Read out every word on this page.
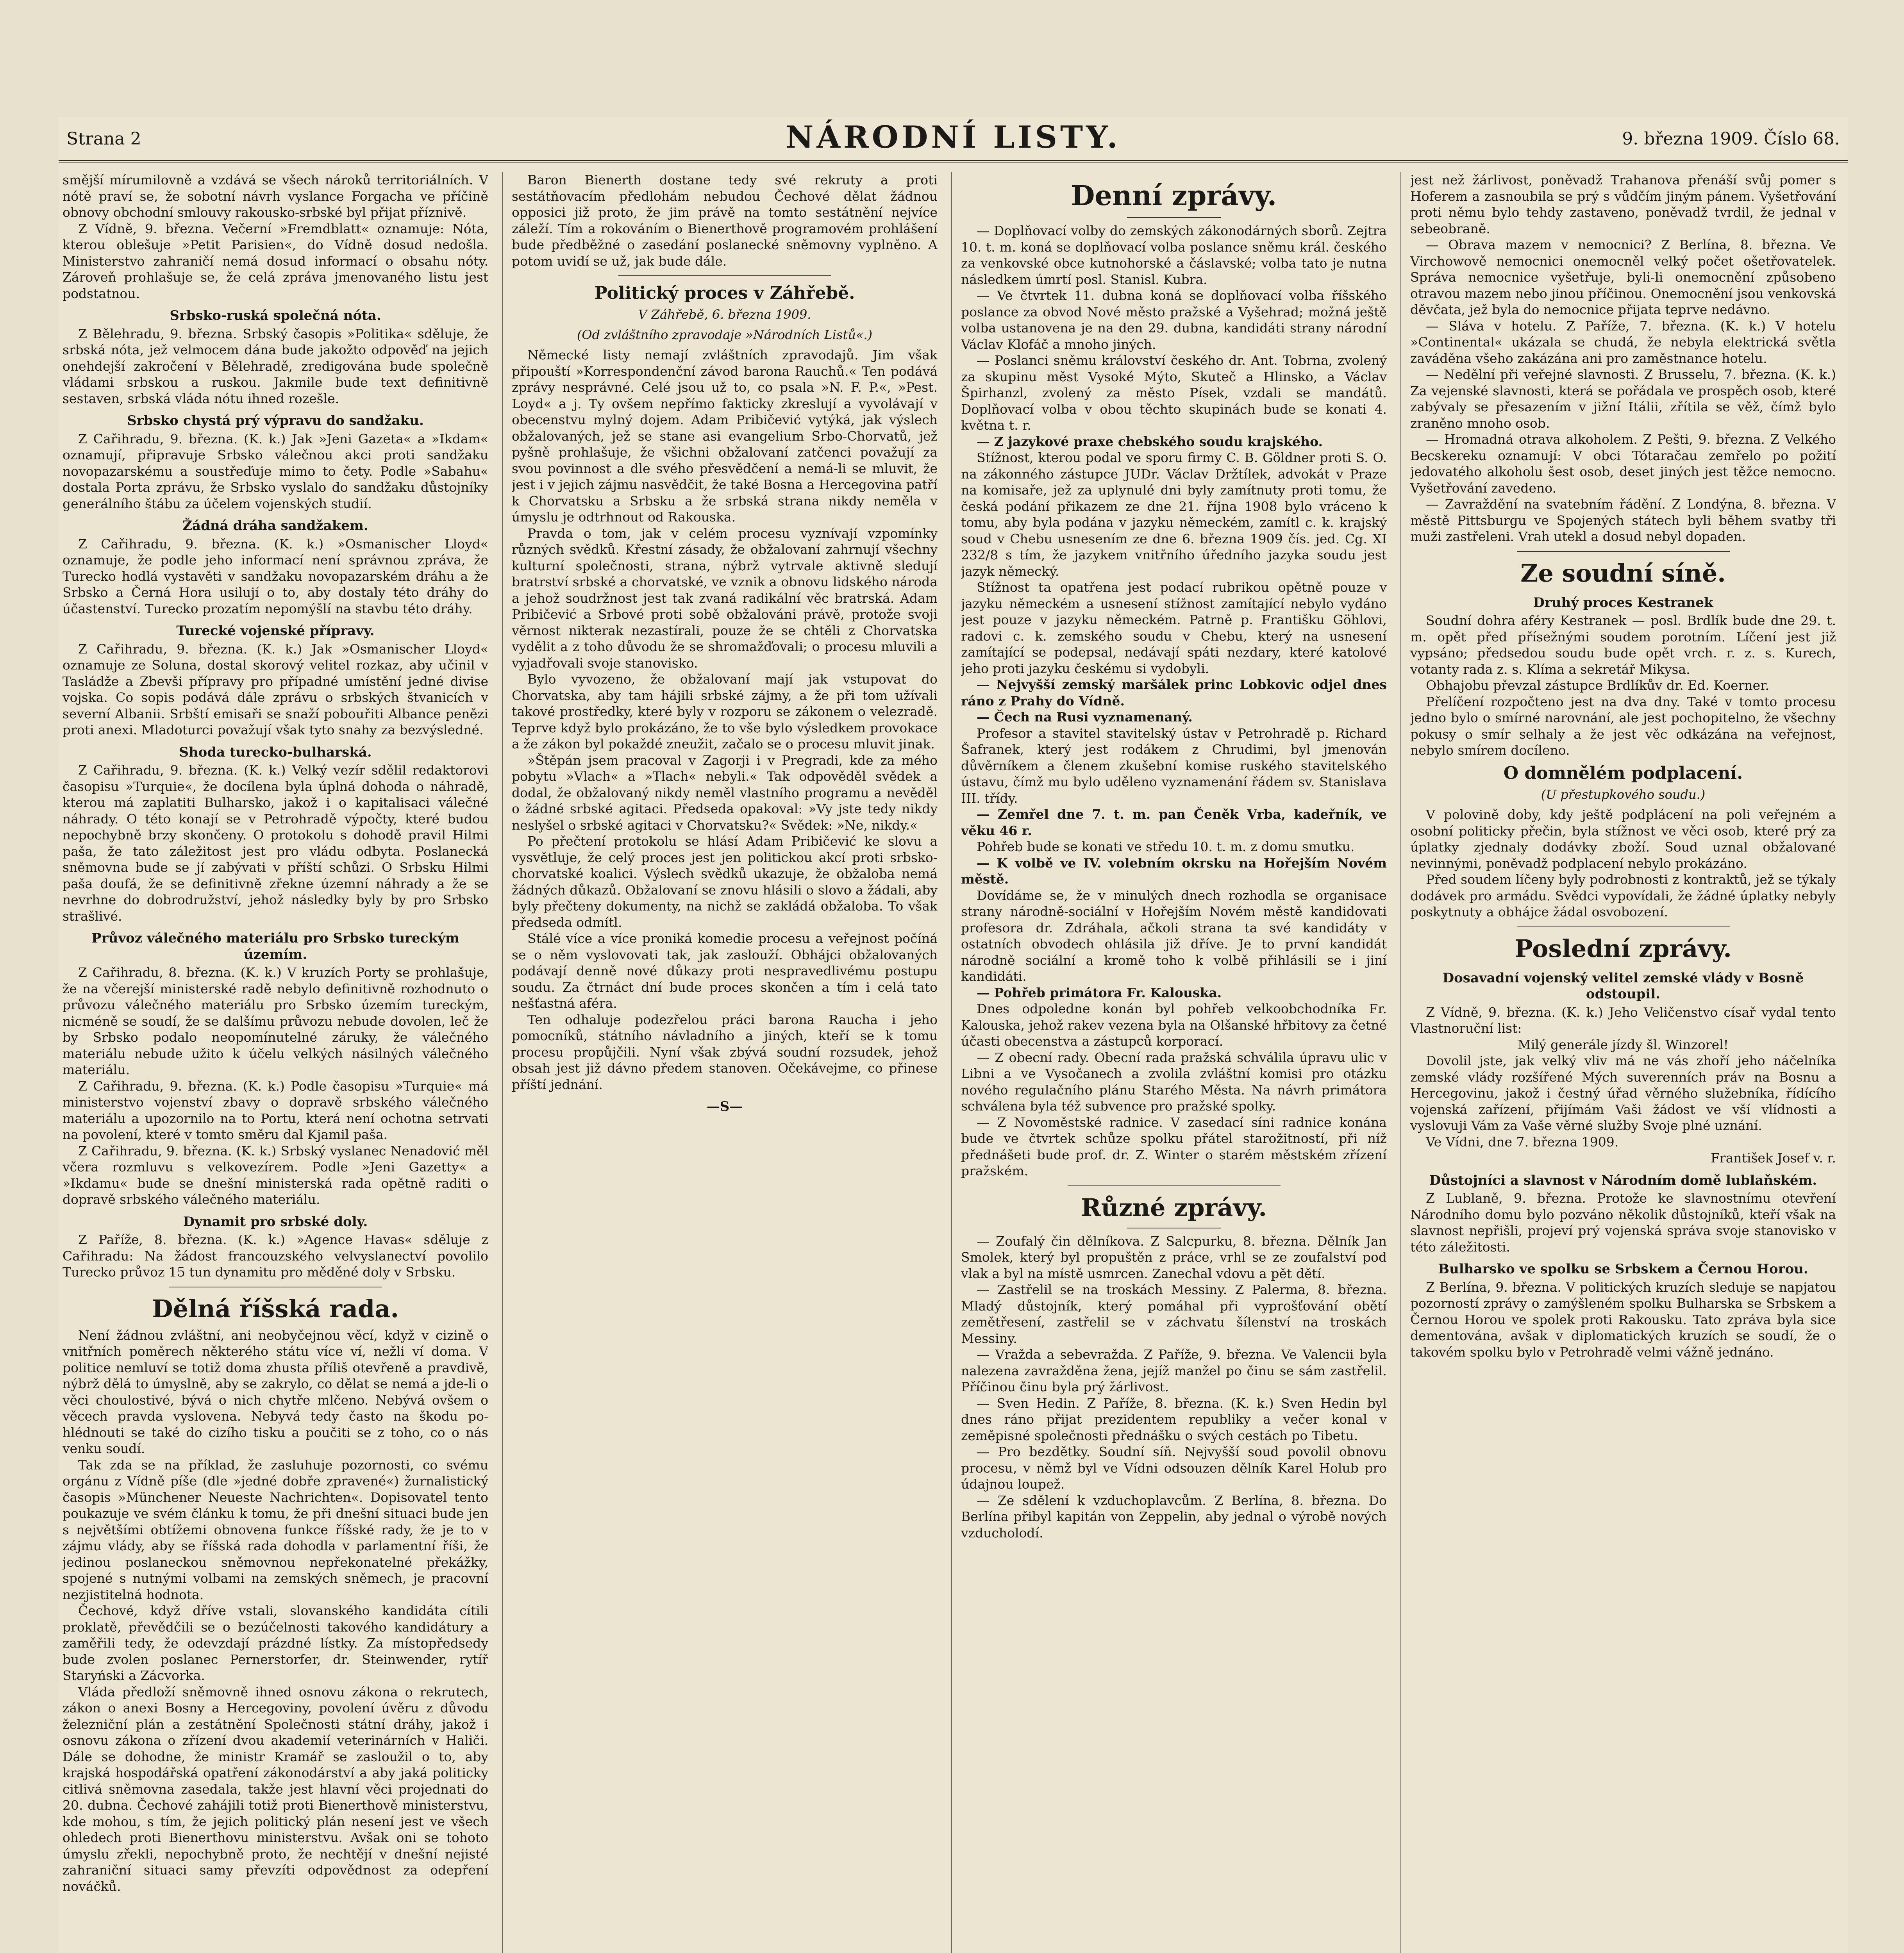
Strana 2	NÁRODNÍ LISTY.	9. března 1909. Číslo 68.

smější mírumilovně a vzdává se všech nároků territoriálních. V nótě praví se, že sobotní návrh vyslance Forgacha ve příčině obnovy obchodní smlouvy rakousko-srbské byl přijat příznivě.

Z Vídně, 9. března. Večerní »Fremdblatt« oznamuje: Nóta, kterou oblešuje »Petit Parisien«, do Vídně dosud nedošla. Ministerstvo zahraničí nemá dosud informací o obsahu nóty. Zároveň prohlašuje se, že celá zpráva jmenovaného listu jest podstatnou.

Srbsko-ruská společná nóta.

Z Bělehradu, 9. března. Srbský časopis »Politika« sděluje, že srbská nóta, jež velmocem dána bude jakožto odpověď na jejich onehdejší zakročení v Bělehradě, zredigována bude společně vládami srbskou a ruskou. Jakmile bude text definitivně sestaven, srbská vláda nótu ihned rozešle.

Srbsko chystá prý výpravu do sandžaku.

Z Cařihradu, 9. března. (K. k.) Jak »Jeni Gazeta« a »Ikdam« oznamují, připravuje Srbsko válečnou akci proti sandžaku novopazarskému a soustřeďuje mimo to čety. Podle »Sabahu« dostala Porta zprávu, že Srbsko vyslalo do sandžaku důstojníky generálního štábu za účelem vojenských studií.

Žádná dráha sandžakem.

Z Cařihradu, 9. března. (K. k.) »Osmanischer Lloyd« oznamuje, že podle jeho informací není správnou zpráva, že Turecko hodlá vystavěti v sandžaku novopazarském dráhu a že Srbsko a Černá Hora usilují o to, aby dostaly této dráhy do účastenství. Turecko prozatím nepomýšlí na stavbu této dráhy.

Turecké vojenské přípravy.

Z Cařihradu, 9. března. (K. k.) Jak »Osmanischer Lloyd« oznamuje ze Soluna, dostal skorový velitel rozkaz, aby učinil v Tasládže a Zbevši přípravy pro případné umístění jedné divise vojska. Co sopis podává dále zprávu o srbských štvanicích v severní Albanii. Srbští emisaři se snaží pobouřiti Albance penězi proti anexi. Mladoturci považují však tyto snahy za bezvýsledné.

Shoda turecko-bulharská.

Z Cařihradu, 9. března. (K. k.) Velký vezír sdělil redaktorovi časopisu »Turquie«, že docílena byla úplná dohoda o náhradě, kterou má zaplatiti Bulharsko, jakož i o kapitalisaci válečné náhrady. O této konají se v Petrohradě výpočty, které budou nepochybně brzy skončeny. O protokolu s dohodě pravil Hilmi paša, že tato záležitost jest pro vládu odbyta. Poslanecká sněmovna bude se jí zabývati v příští schůzi. O Srbsku Hilmi paša doufá, že se definitivně zřekne územní náhrady a že se nevrhne do dobrodružství, jehož následky byly by pro Srbsko strašlivé.

Průvoz válečného materiálu pro Srbsko tureckým územím.

Z Cařihradu, 8. března. (K. k.) V kruzích Porty se prohlašuje, že na včerejší ministerské radě nebylo definitivně rozhodnuto o průvozu válečného materiálu pro Srbsko územím tureckým, nicméně se soudí, že se dalšímu průvozu nebude dovolen, leč že by Srbsko podalo neopomínutelné záruky, že válečného materiálu nebude užito k účelu velkých násilných válečného materiálu.

Z Cařihradu, 9. března. (K. k.) Podle časopisu »Turquie« má ministerstvo vojenství zbavy o dopravě srbského válečného materiálu a upozornilo na to Portu, která není ochotna setrvati na povolení, které v tomto směru dal Kjamil paša.

Z Cařihradu, 9. března. (K. k.) Srbský vyslanec Nenadović měl včera rozmluvu s velkovezírem. Podle »Jeni Gazetty« a »Ikdamu« bude se dnešní ministerská rada opětně raditi o dopravě srbského válečného materiálu.

Dynamit pro srbské doly.

Z Paříže, 8. března. (K. k.) »Agence Havas« sděluje z Cařihradu: Na žádost francouzského velvyslanectví povolilo Turecko průvoz 15 tun dynamitu pro měděné doly v Srbsku.

Dělná říšská rada.

Není žádnou zvláštní, ani neobyčejnou věcí, když v cizině o vnitřních poměrech některého státu více ví, nežli ví doma. V politice nemluví se totiž doma zhusta příliš otevřeně a pravdivě, nýbrž dělá to úmyslně, aby se zakrylo, co dělat se nemá a jde-li o věci choulostivé, bývá o nich chytře mlčeno. Nebývá ovšem o věcech pravda vyslovena. Nebyvá tedy často na škodu po-hlédnouti se také do cizího tisku a poučiti se z toho, co o nás venku soudí.

Tak zda se na příklad, že zasluhuje pozornosti, co svému orgánu z Vídně píše (dle »jedné dobře zpravené«) žurnalistický časopis »Münchener Neueste Nachrichten«. Dopisovatel tento poukazuje ve svém článku k tomu, že při dnešní situaci bude jen s největšími obtížemi obnovena funkce říšské rady, že je to v zájmu vlády, aby se říšská rada dohodla v parlamentní říši, že jedinou poslaneckou sněmovnou nepřekonatelné překážky, spojené s nutnými volbami na zemských sněmech, je pracovní nezjistitelná hodnota.

Čechové, když dříve vstali, slovanského kandidáta cítili proklatě, převědčili se o bezúčelnosti takového kandidátury a zaměřili tedy, že odevzdají prázdné lístky. Za místopředsedy bude zvolen poslanec Pernerstorfer, dr. Steinwender, rytíř Staryński a Zácvorka.

Vláda předloží sněmovně ihned osnovu zákona o rekrutech, zákon o anexi Bosny a Hercegoviny, povolení úvěru z důvodu železniční plán a zestátnění Společnosti státní dráhy, jakož i osnovu zákona o zřízení dvou akademií veterinárních v Haliči. Dále se dohodne, že ministr Kramář se zasloužil o to, aby krajská hospodářská opatření zákonodárství a aby jaká politicky citlivá sněmovna zasedala, takže jest hlavní věci projednati do 20. dubna. Čechové zahájili totiž proti Bienerthově ministerstvu, kde mohou, s tím, že jejich politický plán nesení jest ve všech ohledech proti Bienerthovu ministerstvu. Avšak oni se tohoto úmyslu zřekli, nepochybně proto, že nechtějí v dnešní nejisté zahraniční situaci samy převzíti odpovědnost za odepření nováčků.

Baron Bienerth dostane tedy své rekruty a proti sestátňovacím předlohám nebudou Čechové dělat žádnou opposici již proto, že jim právě na tomto sestátnění nejvíce záleží. Tím a rokováním o Bienerthově programovém prohlášení bude předběžné o zasedání poslanecké sněmovny vyplněno. A potom uvidí se už, jak bude dále.

Politický proces v Záhřebě.
V Záhřebě, 6. března 1909.
(Od zvláštního zpravodaje »Národních Listů«.)

Německé listy nemají zvláštních zpravodajů. Jim však připouští »Korrespondenční závod barona Rauchů.« Ten podává zprávy nesprávné. Celé jsou už to, co psala »N. F. P.«, »Pest. Loyd« a j. Ty ovšem nepřímo fakticky zkreslují a vyvolávají v obecenstvu mylný dojem. Adam Pribičević vytýká, jak výslech obžalovaných, jež se stane asi evangelium Srbo-Chorvatů, jež pyšně prohlašuje, že všichni obžalovaní zatčenci považují za svou povinnost a dle svého přesvědčení a nemá-li se mluvit, že jest i v jejich zájmu nasvědčit, že také Bosna a Hercegovina patří k Chorvatsku a Srbsku a že srbská strana nikdy neměla v úmyslu je odtrhnout od Rakouska.

Pravda o tom, jak v celém procesu vyznívají vzpomínky různých svědků. Křestní zásady, že obžalovaní zahrnují všechny kulturní společnosti, strana, nýbrž vytrvale aktivně sledují bratrství srbské a chorvatské, ve vznik a obnovu lidského národa a jehož soudržnost jest tak zvaná radikální věc bratrská. Adam Pribičević a Srbové proti sobě obžalováni právě, protože svoji věrnost nikterak nezastírali, pouze že se chtěli z Chorvatska vydělit a z toho důvodu že se shromažďovali; o procesu mluvili a vyjadřovali svoje stanovisko.

Bylo vyvozeno, že obžalovaní mají jak vstupovat do Chorvatska, aby tam hájili srbské zájmy, a že při tom užívali takové prostředky, které byly v rozporu se zákonem o velezradě. Teprve když bylo prokázáno, že to vše bylo výsledkem provokace a že zákon byl pokaždé zneužit, začalo se o procesu mluvit jinak.

»Štěpán jsem pracoval v Zagorji i v Pregradi, kde za mého pobytu »Vlach« a »Tlach« nebyli.« Tak odpověděl svědek a dodal, že obžalovaný nikdy neměl vlastního programu a nevěděl o žádné srbské agitaci. Předseda opakoval: »Vy jste tedy nikdy neslyšel o srbské agitaci v Chorvatsku?« Svědek: »Ne, nikdy.«

Po přečtení protokolu se hlásí Adam Pribičević ke slovu a vysvětluje, že celý proces jest jen politickou akcí proti srbsko-chorvatské koalici. Výslech svědků ukazuje, že obžaloba nemá žádných důkazů. Obžalovaní se znovu hlásili o slovo a žádali, aby byly přečteny dokumenty, na nichž se zakládá obžaloba. To však předseda odmítl.

Stálé více a více proniká komedie procesu a veřejnost počíná se o něm vyslovovati tak, jak zaslouží. Obhájci obžalovaných podávají denně nové důkazy proti nespravedlivému postupu soudu. Za čtrnáct dní bude proces skončen a tím i celá tato nešťastná aféra.

Ten odhaluje podezřelou práci barona Raucha i jeho pomocníků, státního návladního a jiných, kteří se k tomu procesu propůjčili. Nyní však zbývá soudní rozsudek, jehož obsah jest již dávno předem stanoven. Očekávejme, co přinese příští jednání.

—S—
Denní zprávy.

— Doplňovací volby do zemských zákonodárných sborů. Zejtra 10. t. m. koná se doplňovací volba poslance sněmu král. českého za venkovské obce kutnohorské a čáslavské; volba tato je nutna následkem úmrtí posl. Stanisl. Kubra.

— Ve čtvrtek 11. dubna koná se doplňovací volba říšského poslance za obvod Nové město pražské a Vyšehrad; možná ještě volba ustanovena je na den 29. dubna, kandidáti strany národní Václav Klofáč a mnoho jiných.

— Poslanci sněmu království českého dr. Ant. Tobrna, zvolený za skupinu měst Vysoké Mýto, Skuteč a Hlinsko, a Václav Špirhanzl, zvolený za město Písek, vzdali se mandátů. Doplňovací volba v obou těchto skupinách bude se konati 4. května t. r.

— Z jazykové praxe chebského soudu krajského.

Stížnost, kterou podal ve sporu firmy C. B. Göldner proti S. O. na zákonného zástupce JUDr. Václav Držtílek, advokát v Praze na komisaře, jež za uplynulé dni byly zamítnuty proti tomu, že česká podání přikazem ze dne 21. října 1908 bylo vráceno k tomu, aby byla podána v jazyku německém, zamítl c. k. krajský soud v Chebu usnesením ze dne 6. března 1909 čís. jed. Cg. XI 232/8 s tím, že jazykem vnitřního úředního jazyka soudu jest jazyk německý.

Stížnost ta opatřena jest podací rubrikou opětně pouze v jazyku německém a usnesení stížnost zamítající nebylo vydáno jest pouze v jazyku německém. Patrně p. Františku Göhlovi, radovi c. k. zemského soudu v Chebu, který na usnesení zamítající se podepsal, nedávají spáti nezdary, které katolové jeho proti jazyku českému si vydobyli.

— Nejvyšší zemský maršálek princ Lobkovic odjel dnes ráno z Prahy do Vídně.

— Čech na Rusi vyznamenaný.

Profesor a stavitel stavitelský ústav v Petrohradě p. Richard Šafranek, který jest rodákem z Chrudimi, byl jmenován důvěrníkem a členem zkušební komise ruského stavitelského ústavu, čímž mu bylo uděleno vyznamenání řádem sv. Stanislava III. třídy.

— Zemřel dne 7. t. m. pan Čeněk Vrba, kadeřník, ve věku 46 r.

Pohřeb bude se konati ve středu 10. t. m. z domu smutku.

— K volbě ve IV. volebním okrsku na Hořejším Novém městě.

Dovídáme se, že v minulých dnech rozhodla se organisace strany národně-sociální v Hořejším Novém městě kandidovati profesora dr. Zdráhala, ačkoli strana ta své kandidáty v ostatních obvodech ohlásila již dříve. Je to první kandidát národně sociální a kromě toho k volbě přihlásili se i jiní kandidáti.

— Pohřeb primátora Fr. Kalouska.

Dnes odpoledne konán byl pohřeb velkoobchodníka Fr. Kalouska, jehož rakev vezena byla na Olšanské hřbitovy za četné účasti obecenstva a zástupců korporací.

— Z obecní rady. Obecní rada pražská schválila úpravu ulic v Libni a ve Vysočanech a zvolila zvláštní komisi pro otázku nového regulačního plánu Starého Města. Na návrh primátora schválena byla též subvence pro pražské spolky.

— Z Novoměstské radnice. V zasedací síni radnice konána bude ve čtvrtek schůze spolku přátel starožitností, při níž přednášeti bude prof. dr. Z. Winter o starém městském zřízení pražském.

Různé zprávy.

— Zoufalý čin dělníkova. Z Salcpurku, 8. března. Dělník Jan Smolek, který byl propuštěn z práce, vrhl se ze zoufalství pod vlak a byl na místě usmrcen. Zanechal vdovu a pět dětí.

— Zastřelil se na troskách Messiny. Z Palerma, 8. března. Mladý důstojník, který pomáhal při vyprošťování obětí zemětřesení, zastřelil se v záchvatu šílenství na troskách Messiny.

— Vražda a sebevražda. Z Paříže, 9. března. Ve Valencii byla nalezena zavražděna žena, jejíž manžel po činu se sám zastřelil. Příčinou činu byla prý žárlivost.

— Sven Hedin. Z Paříže, 8. března. (K. k.) Sven Hedin byl dnes ráno přijat prezidentem republiky a večer konal v zeměpisné společnosti přednášku o svých cestách po Tibetu.

— Pro bezdětky. Soudní síň. Nejvyšší soud povolil obnovu procesu, v němž byl ve Vídni odsouzen dělník Karel Holub pro údajnou loupež.

— Ze sdělení k vzduchoplavcům. Z Berlína, 8. března. Do Berlína přibyl kapitán von Zeppelin, aby jednal o výrobě nových vzducholodí.

jest než žárlivost, poněvadž Trahanova přenáší svůj pomer s Hoferem a zasnoubila se prý s vůdčím jiným pánem. Vyšetřování proti němu bylo tehdy zastaveno, poněvadž tvrdil, že jednal v sebeobraně.

— Obrava mazem v nemocnici? Z Berlína, 8. března. Ve Virchowově nemocnici onemocněl velký počet ošetřovatelek. Správa nemocnice vyšetřuje, byli-li onemocnění způsobeno otravou mazem nebo jinou příčinou. Onemocnění jsou venkovská děvčata, jež byla do nemocnice přijata teprve nedávno.

— Sláva v hotelu. Z Paříže, 7. března. (K. k.) V hotelu »Continental« ukázala se chudá, že nebyla elektrická světla zaváděna všeho zakázána ani pro zaměstnance hotelu.

— Nedělní při veřejné slavnosti. Z Brusselu, 7. března. (K. k.) Za vejenské slavnosti, která se pořádala ve prospěch osob, které zabývaly se přesazením v jižní Itálii, zřítila se věž, čímž bylo zraněno mnoho osob.

— Hromadná otrava alkoholem. Z Pešti, 9. března. Z Velkého Becskereku oznamují: V obci Tótaračau zemřelo po požití jedovatého alkoholu šest osob, deset jiných jest těžce nemocno. Vyšetřování zavedeno.

— Zavraždění na svatebním řádění. Z Londýna, 8. března. V městě Pittsburgu ve Spojených státech byli během svatby tři muži zastřeleni. Vrah utekl a dosud nebyl dopaden.

Ze soudní síně.
Druhý proces Kestranek

Soudní dohra aféry Kestranek — posl. Brdlík bude dne 29. t. m. opět před přísežnými soudem porotním. Líčení jest již vypsáno; předsedou soudu bude opět vrch. r. z. s. Kurech, votanty rada z. s. Klíma a sekretář Mikysa.

Obhajobu převzal zástupce Brdlíkův dr. Ed. Koerner.

Přelíčení rozpočteno jest na dva dny. Také v tomto procesu jedno bylo o smírné narovnání, ale jest pochopitelno, že všechny pokusy o smír selhaly a že jest věc odkázána na veřejnost, nebylo smírem docíleno.

O domnělém podplacení.
(U přestupkového soudu.)

V polovině doby, kdy ještě podplácení na poli veřejném a osobní politicky přečin, byla stížnost ve věci osob, které prý za úplatky zjednaly dodávky zboží. Soud uznal obžalované nevinnými, poněvadž podplacení nebylo prokázáno.

Před soudem líčeny byly podrobnosti z kontraktů, jež se týkaly dodávek pro armádu. Svědci vypovídali, že žádné úplatky nebyly poskytnuty a obhájce žádal osvobození.

Poslední zprávy.
Dosavadní vojenský velitel zemské vlády v Bosně odstoupil.

Z Vídně, 9. března. (K. k.) Jeho Veličenstvo císař vydal tento Vlastnoruční list:

Milý generále jízdy šl. Winzorel!

Dovolil jste, jak velký vliv má ne vás zhoří jeho náčelníka zemské vlády rozšířené Mých suverenních práv na Bosnu a Hercegovinu, jakož i čestný úřad věrného služebníka, řídícího vojenská zařízení, přijímám Vaši žádost ve vší vlídnosti a vyslovuji Vám za Vaše věrné služby Svoje plné uznání.

Ve Vídni, dne 7. března 1909.

František Josef v. r.

Důstojníci a slavnost v Národním domě lublaňském.

Z Lublaně, 9. března. Protože ke slavnostnímu otevření Národního domu bylo pozváno několik důstojníků, kteří však na slavnost nepřišli, projeví prý vojenská správa svoje stanovisko v této záležitosti.

Bulharsko ve spolku se Srbskem a Černou Horou.

Z Berlína, 9. března. V politických kruzích sleduje se napjatou pozorností zprávy o zamýšleném spolku Bulharska se Srbskem a Černou Horou ve spolek proti Rakousku. Tato zpráva byla sice dementována, avšak v diplomatických kruzích se soudí, že o takovém spolku bylo v Petrohradě velmi vážně jednáno.
